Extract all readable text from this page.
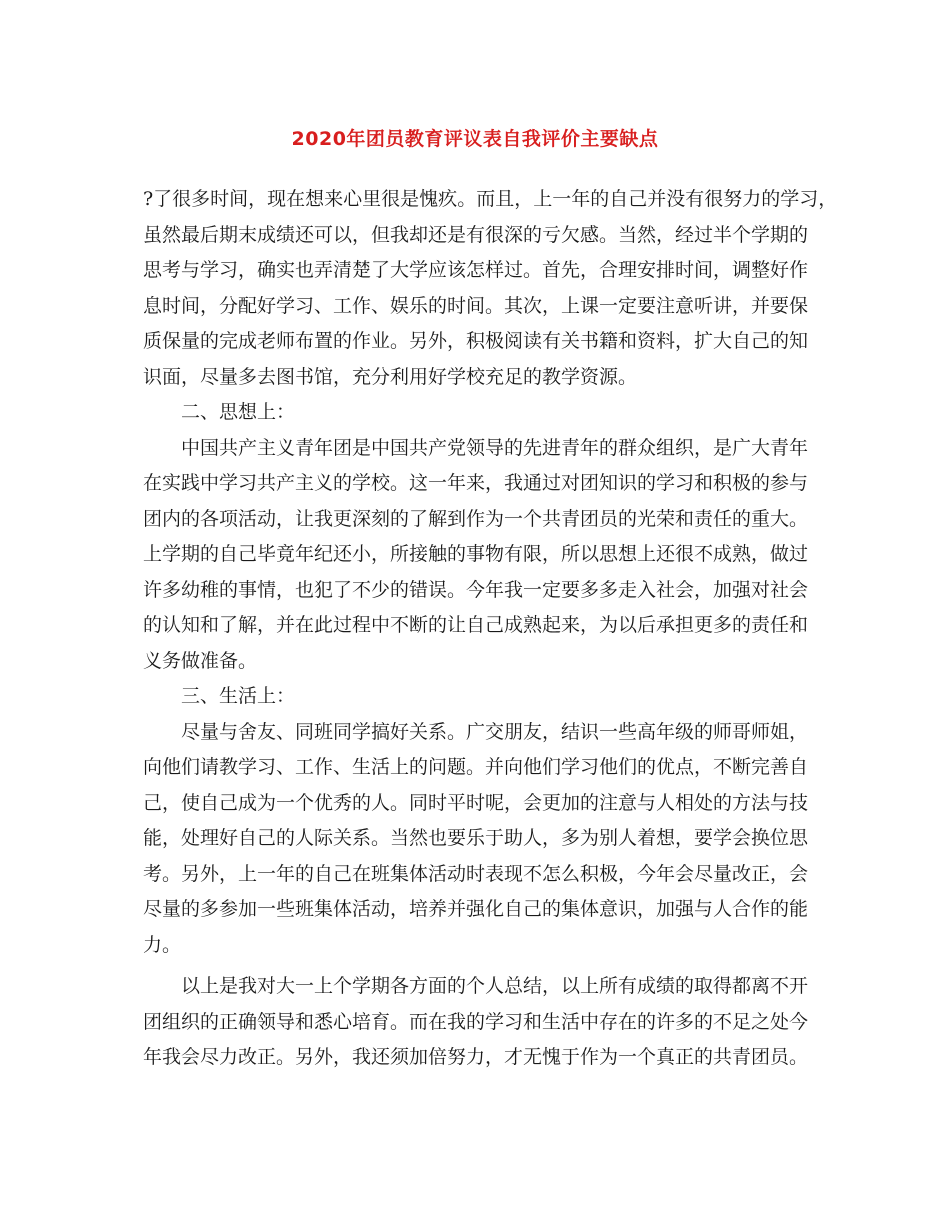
2020年团员教育评议表自我评价主要缺点
?了很多时间，现在想来心里很是愧疚。而且，上一年的自己并没有很努力的学习，
虽然最后期末成绩还可以，但我却还是有很深的亏欠感。当然，经过半个学期的
思考与学习，确实也弄清楚了大学应该怎样过。首先，合理安排时间，调整好作
息时间，分配好学习、工作、娱乐的时间。其次，上课一定要注意听讲，并要保
质保量的完成老师布置的作业。另外，积极阅读有关书籍和资料，扩大自己的知
识面，尽量多去图书馆，充分利用好学校充足的教学资源。
二、思想上：
中国共产主义青年团是中国共产党领导的先进青年的群众组织，是广大青年
在实践中学习共产主义的学校。这一年来，我通过对团知识的学习和积极的参与
团内的各项活动，让我更深刻的了解到作为一个共青团员的光荣和责任的重大。
上学期的自己毕竟年纪还小，所接触的事物有限，所以思想上还很不成熟，做过
许多幼稚的事情，也犯了不少的错误。今年我一定要多多走入社会，加强对社会
的认知和了解，并在此过程中不断的让自己成熟起来，为以后承担更多的责任和
义务做准备。
三、生活上：
尽量与舍友、同班同学搞好关系。广交朋友，结识一些高年级的师哥师姐，
向他们请教学习、工作、生活上的问题。并向他们学习他们的优点，不断完善自
己，使自己成为一个优秀的人。同时平时呢，会更加的注意与人相处的方法与技
能，处理好自己的人际关系。当然也要乐于助人，多为别人着想，要学会换位思
考。另外，上一年的自己在班集体活动时表现不怎么积极，今年会尽量改正，会
尽量的多参加一些班集体活动，培养并强化自己的集体意识，加强与人合作的能
力。
以上是我对大一上个学期各方面的个人总结，以上所有成绩的取得都离不开
团组织的正确领导和悉心培育。而在我的学习和生活中存在的许多的不足之处今
年我会尽力改正。另外，我还须加倍努力，才无愧于作为一个真正的共青团员。
